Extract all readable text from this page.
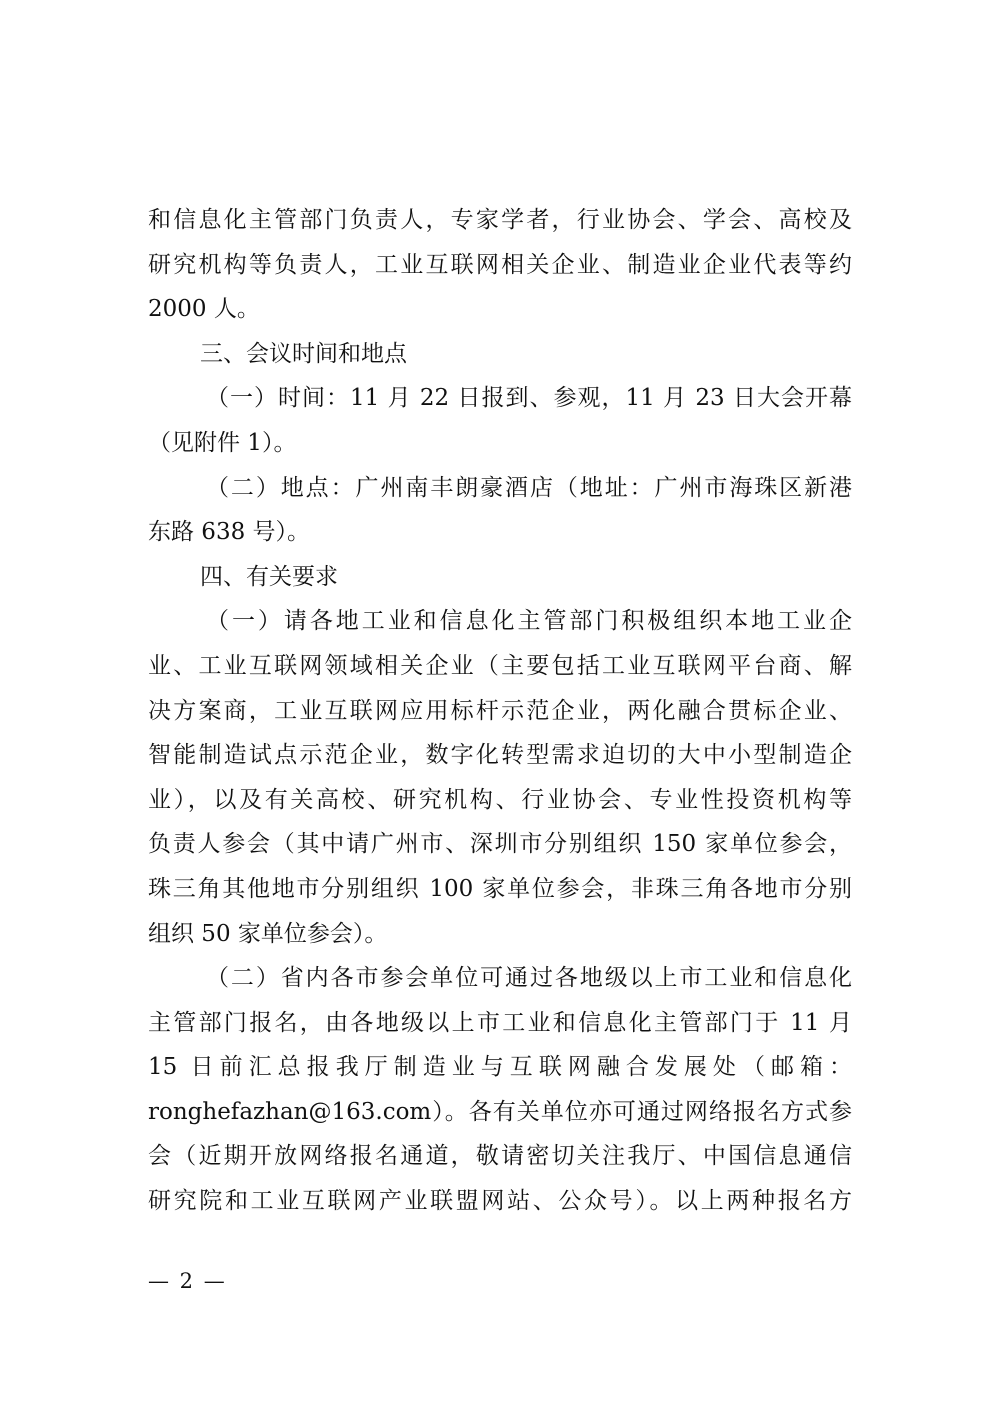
和信息化主管部门负责人，专家学者，行业协会、学会、高校及
研究机构等负责人，工业互联网相关企业、制造业企业代表等约
2000 人。
三、会议时间和地点
（一）时间：11 月 22 日报到、参观，11 月 23 日大会开幕
（见附件 1）。
（二）地点：广州南丰朗豪酒店（地址：广州市海珠区新港
东路 638 号）。
四、有关要求
（一）请各地工业和信息化主管部门积极组织本地工业企
业、工业互联网领域相关企业（主要包括工业互联网平台商、解
决方案商，工业互联网应用标杆示范企业，两化融合贯标企业、
智能制造试点示范企业，数字化转型需求迫切的大中小型制造企
业），以及有关高校、研究机构、行业协会、专业性投资机构等
负责人参会（其中请广州市、深圳市分别组织 150 家单位参会，
珠三角其他地市分别组织 100 家单位参会，非珠三角各地市分别
组织 50 家单位参会）。
（二）省内各市参会单位可通过各地级以上市工业和信息化
主管部门报名，由各地级以上市工业和信息化主管部门于 11 月
15 日前汇总报我厅制造业与互联网融合发展处（邮箱：
ronghefazhan@163.com）。各有关单位亦可通过网络报名方式参
会（近期开放网络报名通道，敬请密切关注我厅、中国信息通信
研究院和工业互联网产业联盟网站、公众号）。以上两种报名方
— 2 —
